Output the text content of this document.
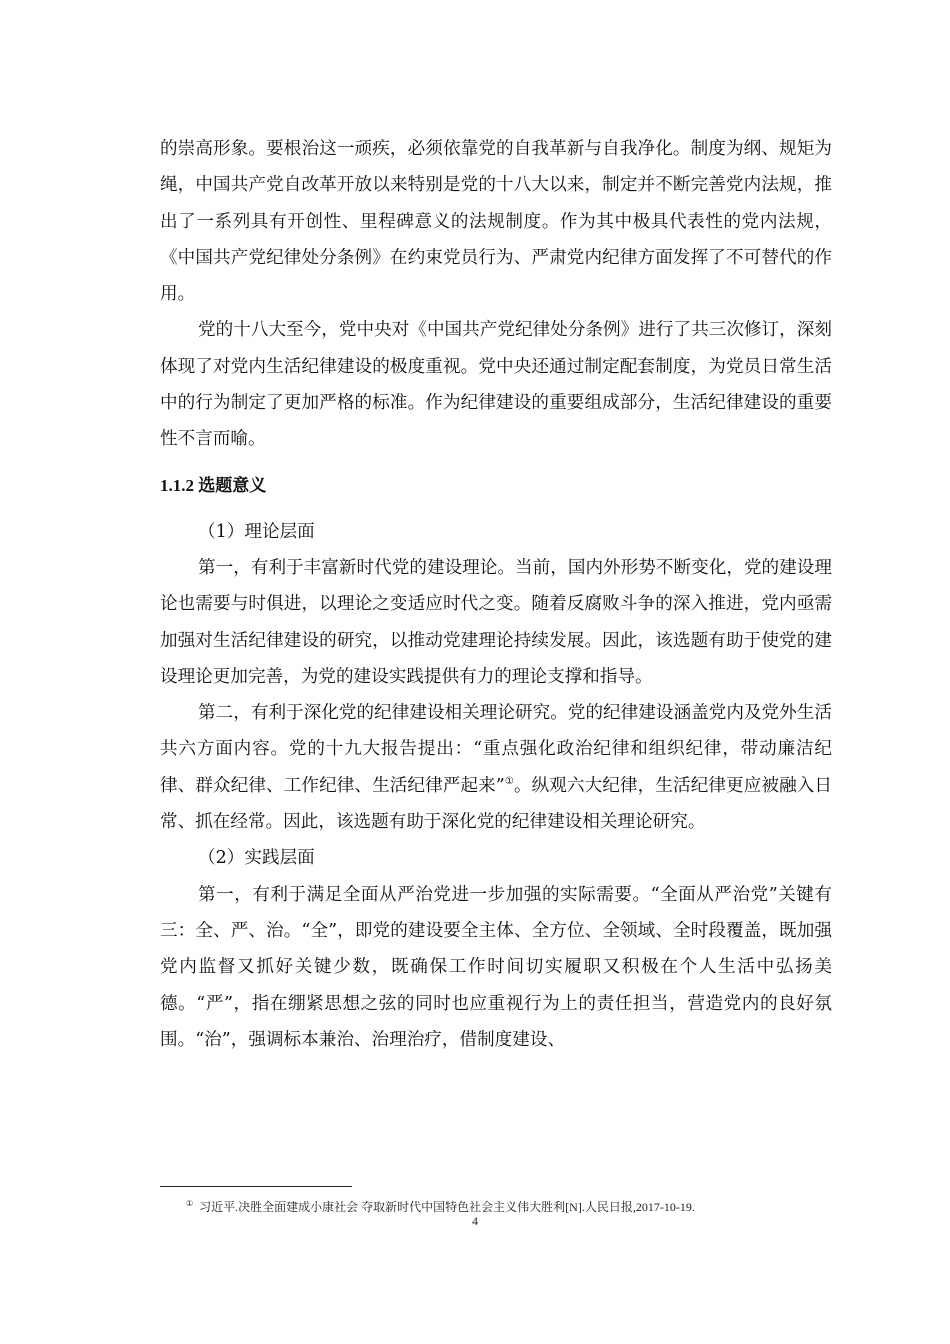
的崇高形象。要根治这一顽疾，必须依靠党的自我革新与自我净化。制度为纲、规矩为绳，中国共产党自改革开放以来特别是党的十八大以来，制定并不断完善党内法规，推出了一系列具有开创性、里程碑意义的法规制度。作为其中极具代表性的党内法规，《中国共产党纪律处分条例》在约束党员行为、严肃党内纪律方面发挥了不可替代的作用。

党的十八大至今，党中央对《中国共产党纪律处分条例》进行了共三次修订，深刻体现了对党内生活纪律建设的极度重视。党中央还通过制定配套制度，为党员日常生活中的行为制定了更加严格的标准。作为纪律建设的重要组成部分，生活纪律建设的重要性不言而喻。

1.1.2 选题意义

（1）理论层面

第一，有利于丰富新时代党的建设理论。当前，国内外形势不断变化，党的建设理论也需要与时俱进，以理论之变适应时代之变。随着反腐败斗争的深入推进，党内亟需加强对生活纪律建设的研究，以推动党建理论持续发展。因此，该选题有助于使党的建设理论更加完善，为党的建设实践提供有力的理论支撑和指导。

第二，有利于深化党的纪律建设相关理论研究。党的纪律建设涵盖党内及党外生活共六方面内容。党的十九大报告提出：“重点强化政治纪律和组织纪律，带动廉洁纪律、群众纪律、工作纪律、生活纪律严起来”①。纵观六大纪律，生活纪律更应被融入日常、抓在经常。因此，该选题有助于深化党的纪律建设相关理论研究。

（2）实践层面

第一，有利于满足全面从严治党进一步加强的实际需要。“全面从严治党”关键有三：全、严、治。“全”，即党的建设要全主体、全方位、全领域、全时段覆盖，既加强党内监督又抓好关键少数，既确保工作时间切实履职又积极在个人生活中弘扬美德。“严”，指在绷紧思想之弦的同时也应重视行为上的责任担当，营造党内的良好氛围。“治”，强调标本兼治、治理治疗，借制度建设、

① 习近平.决胜全面建成小康社会 夺取新时代中国特色社会主义伟大胜利[N].人民日报,2017-10-19.
4
